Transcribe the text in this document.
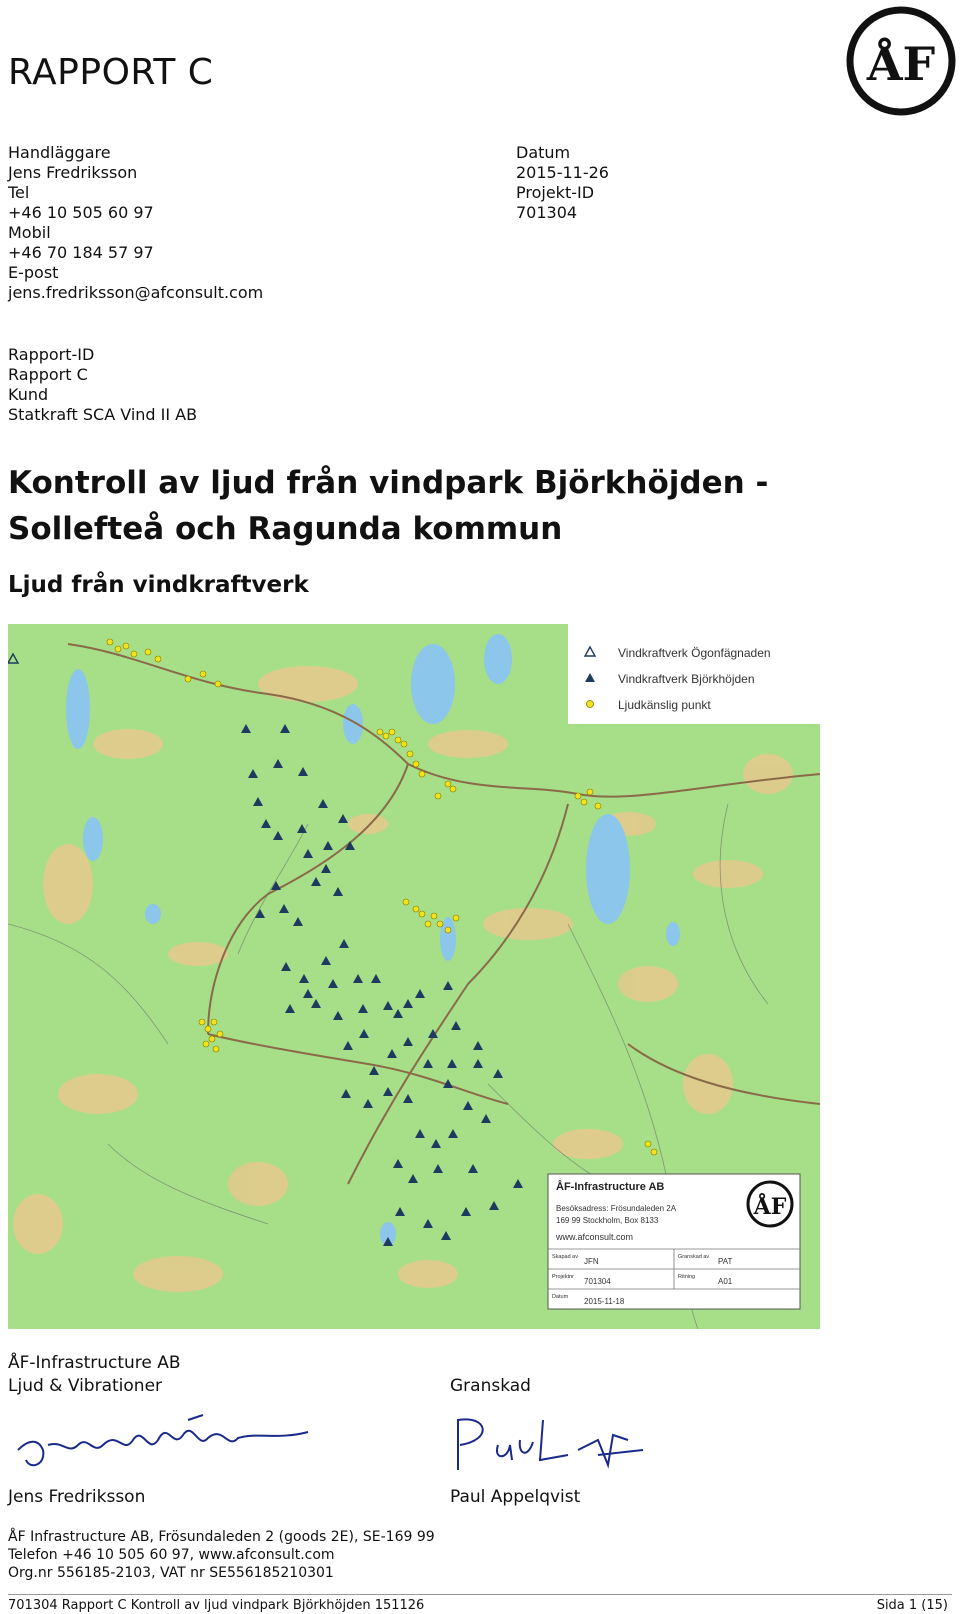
RAPPORT C	ÅF
Handläggare
Jens Fredriksson
Tel
+46 10 505 60 97
Mobil
+46 70 184 57 97
E-post
jens.fredriksson@afconsult.com
Datum
2015-11-26
Projekt-ID
701304
Rapport-ID
Rapport C
Kund
Statkraft SCA Vind II AB
Kontroll av ljud från vindpark Björkhöjden -
Sollefteå och Ragunda kommun
Ljud från vindkraftverk
Vindkraftverk Ögonfägnaden
Vindkraftverk Björkhöjden
Ljudkänslig punkt
ÅF-Infrastructure AB
Besöksadress: Frösundaleden 2A
169 99 Stockholm, Box 8133
www.afconsult.com
ÅF
Skapad av JFN	Granskad av PAT
Projektnr 701304	Ritning	A01
Datum 2015-11-18
ÅF-Infrastructure AB
Ljud & Vibrationer	Granskad
Jens Fredriksson	Paul Appelqvist
ÅF Infrastructure AB, Frösundaleden 2 (goods 2E), SE-169 99
Telefon +46 10 505 60 97, www.afconsult.com
Org.nr 556185-2103, VAT nr SE556185210301
701304 Rapport C Kontroll av ljud vindpark Björkhöjden 151126	Sida 1 (15)
